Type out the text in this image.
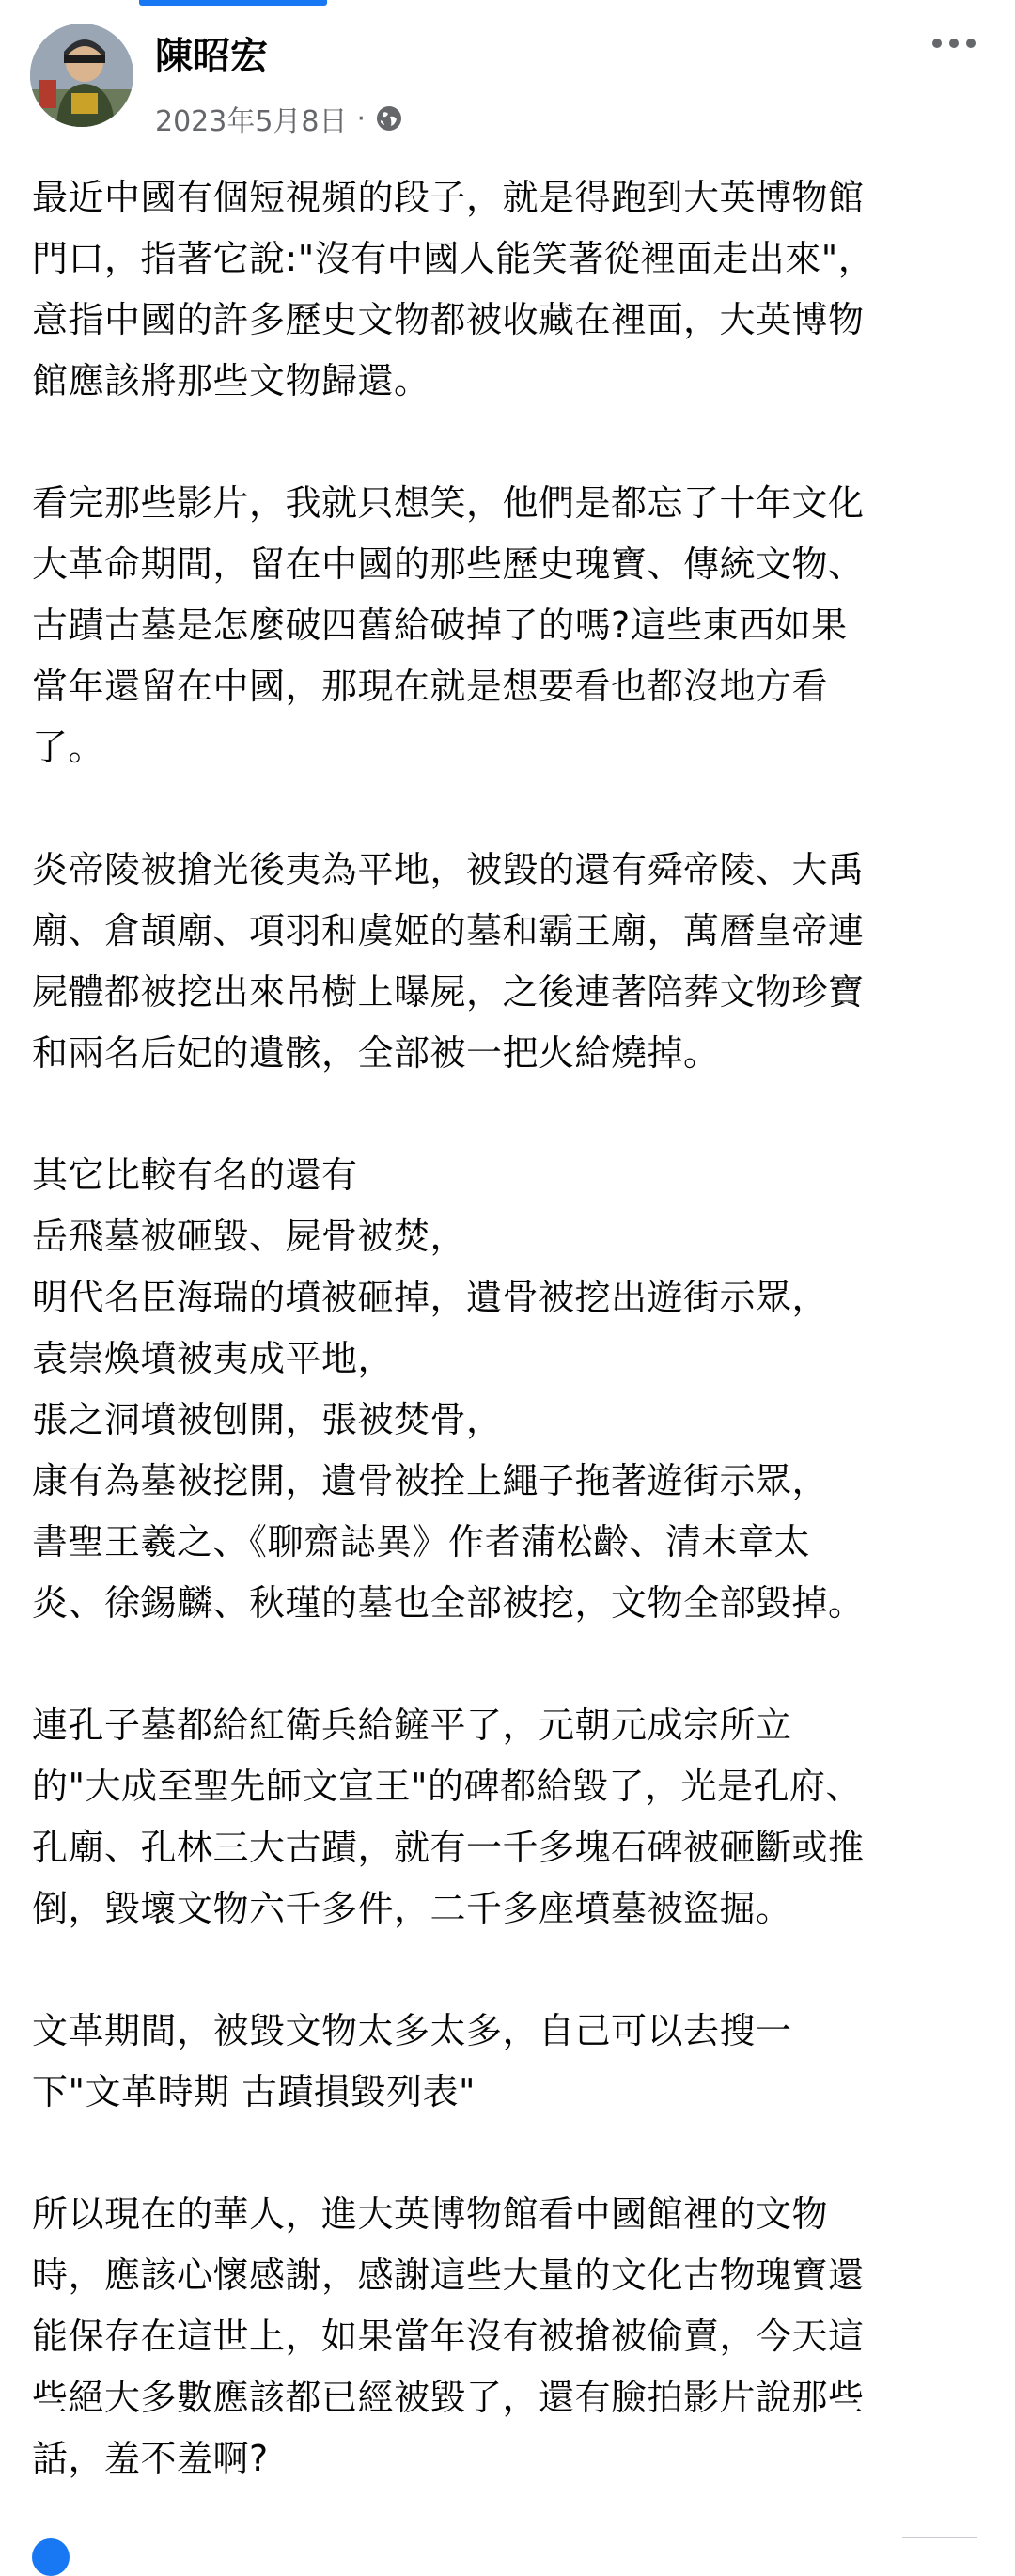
陳昭宏
2023年5月8日 ·
最近中國有個短視頻的段子，就是得跑到大英博物館
門口，指著它說:"沒有中國人能笑著從裡面走出來"，
意指中國的許多歷史文物都被收藏在裡面，大英博物
館應該將那些文物歸還。
看完那些影片，我就只想笑，他們是都忘了十年文化
大革命期間，留在中國的那些歷史瑰寶、傳統文物、
古蹟古墓是怎麼破四舊給破掉了的嗎?這些東西如果
當年還留在中國，那現在就是想要看也都沒地方看
了。
炎帝陵被搶光後夷為平地，被毀的還有舜帝陵、大禹
廟、倉頡廟、項羽和虞姬的墓和霸王廟，萬曆皇帝連
屍體都被挖出來吊樹上曝屍，之後連著陪葬文物珍寶
和兩名后妃的遺骸，全部被一把火給燒掉。
其它比較有名的還有
岳飛墓被砸毀、屍骨被焚，
明代名臣海瑞的墳被砸掉，遺骨被挖出遊街示眾，
袁崇煥墳被夷成平地，
張之洞墳被刨開，張被焚骨，
康有為墓被挖開，遺骨被拴上繩子拖著遊街示眾，
書聖王羲之、《聊齋誌異》作者蒲松齡、清末章太
炎、徐錫麟、秋瑾的墓也全部被挖，文物全部毀掉。
連孔子墓都給紅衛兵給鏟平了，元朝元成宗所立
的"大成至聖先師文宣王"的碑都給毀了，光是孔府、
孔廟、孔林三大古蹟，就有一千多塊石碑被砸斷或推
倒，毀壞文物六千多件，二千多座墳墓被盜掘。
文革期間，被毀文物太多太多，自己可以去搜一
下"文革時期 古蹟損毀列表"
所以現在的華人，進大英博物館看中國館裡的文物
時，應該心懷感謝，感謝這些大量的文化古物瑰寶還
能保存在這世上，如果當年沒有被搶被偷賣，今天這
些絕大多數應該都已經被毀了，還有臉拍影片說那些
話，羞不羞啊?
